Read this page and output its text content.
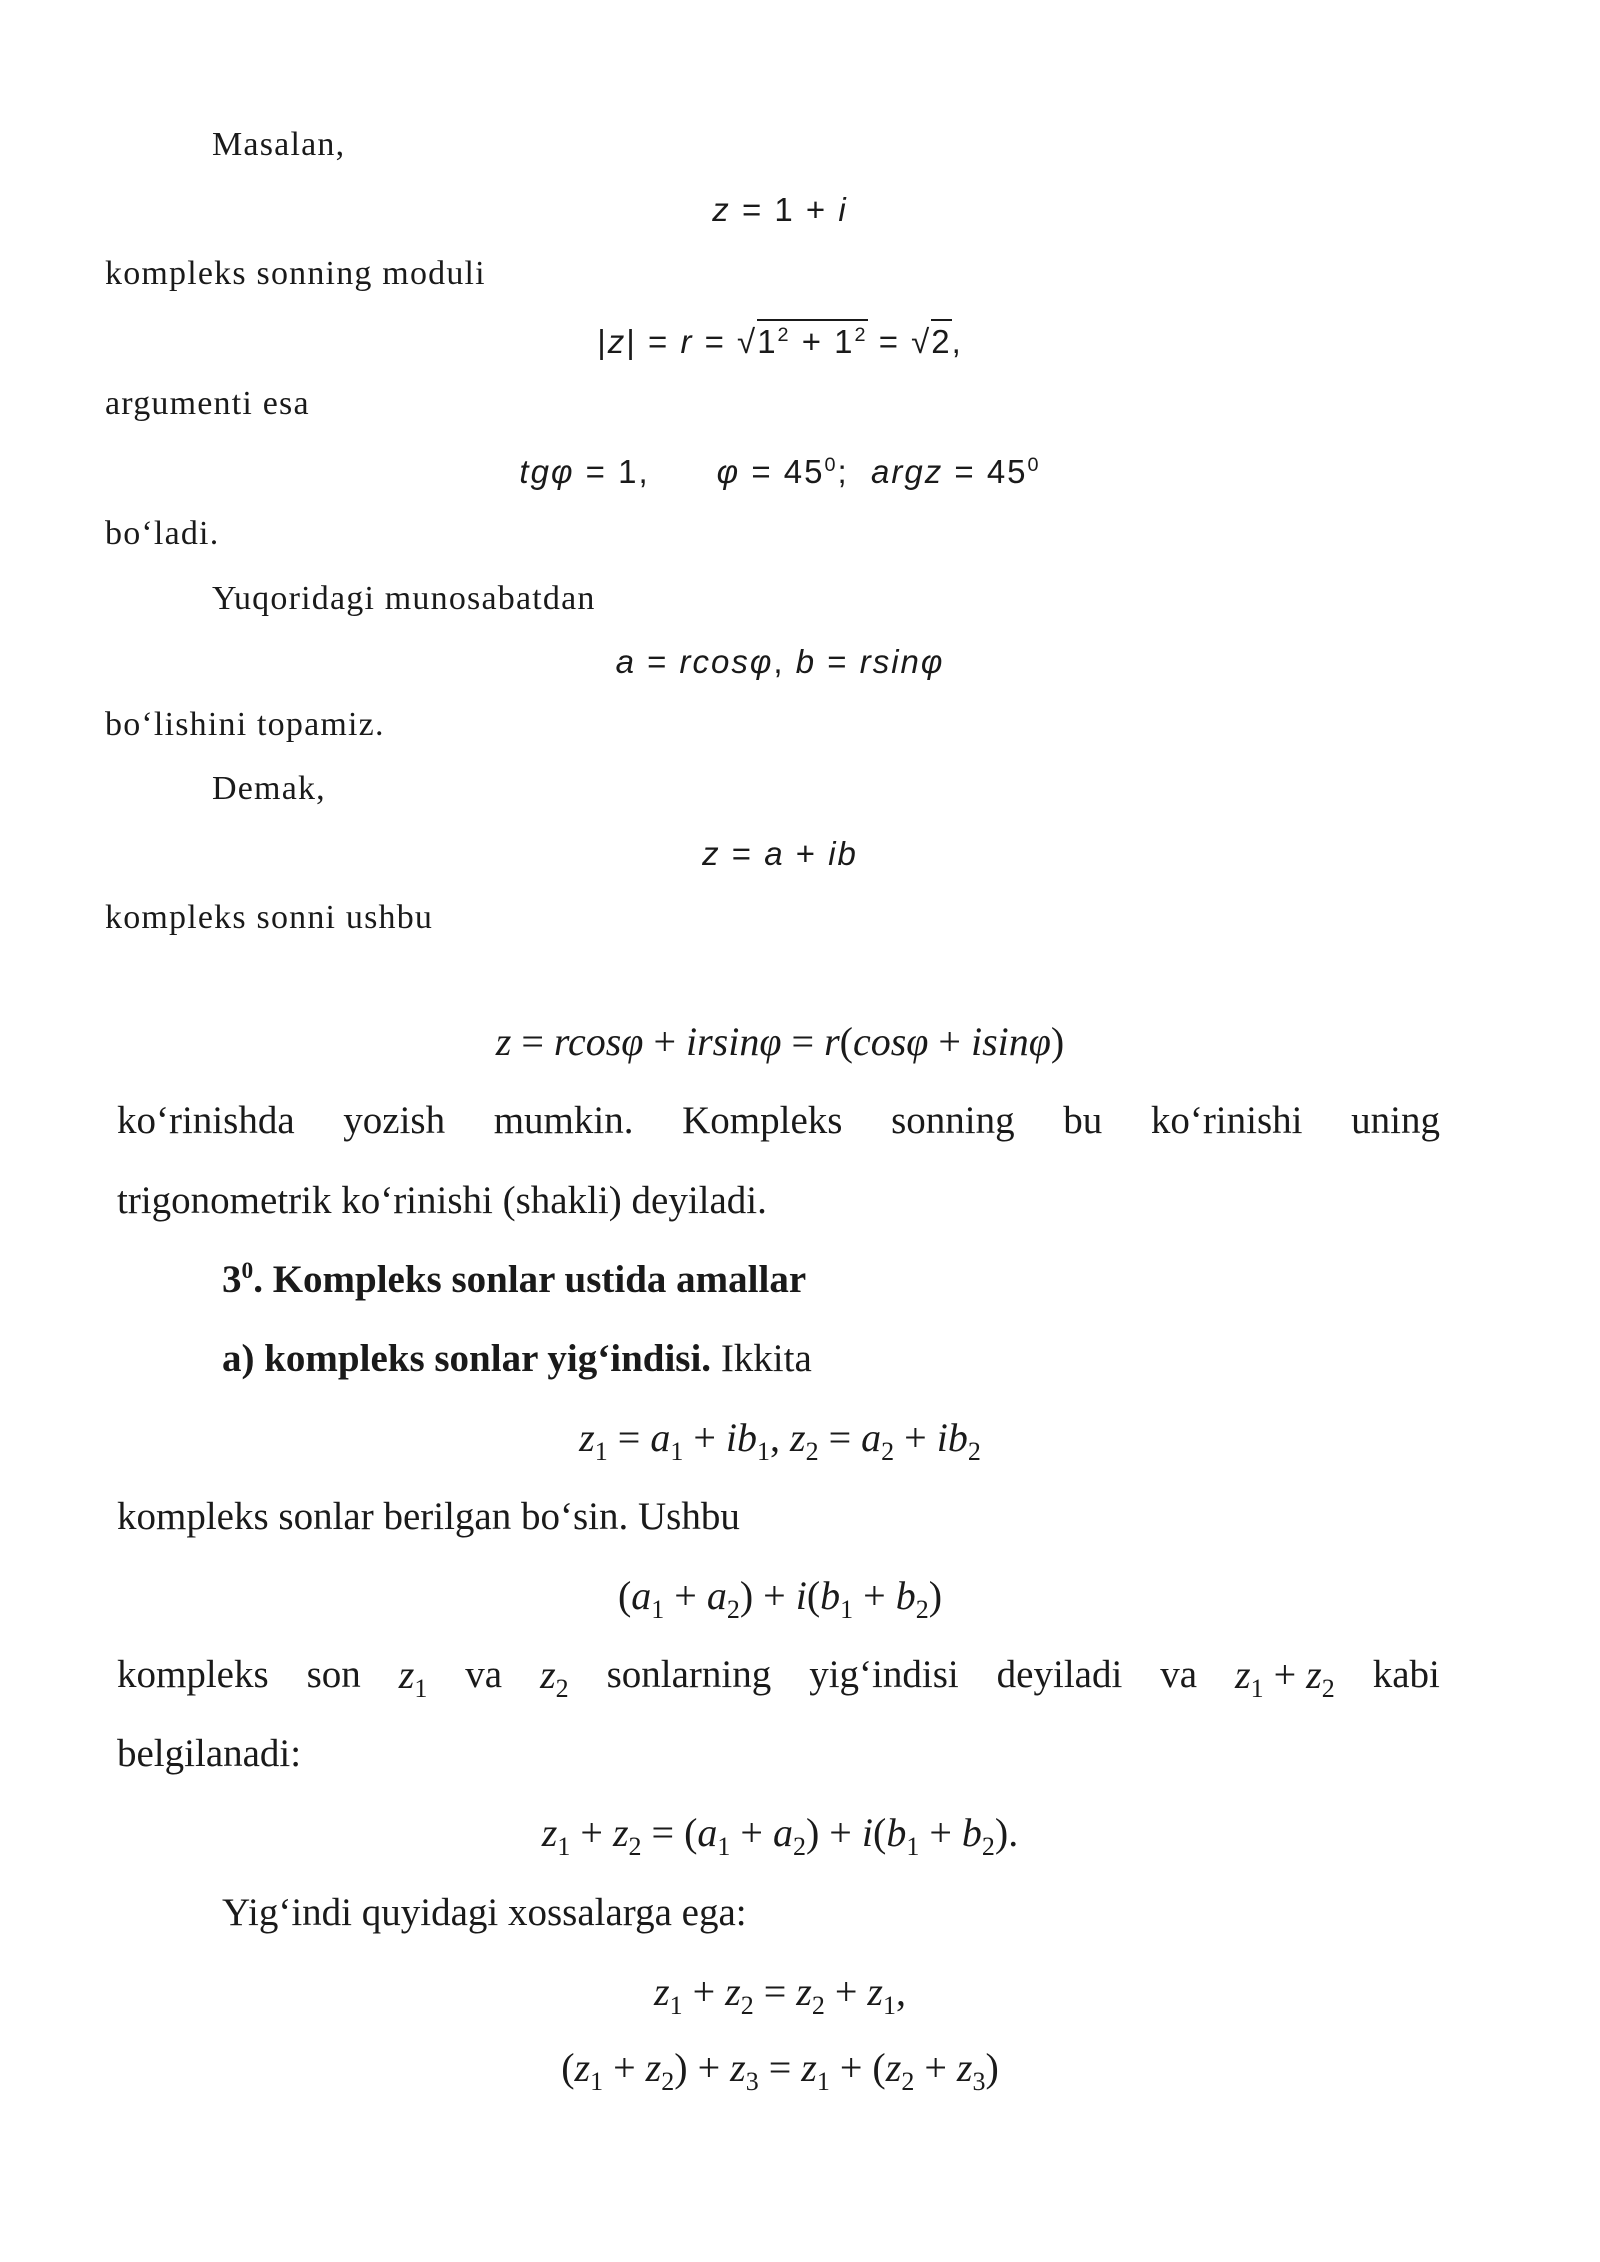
Masalan,
z = 1 + i
kompleks sonning moduli
$|z| = r = √1^2 + 1^2 = √2$,
argumenti esa
tgφ = 1,      $\varphi = 45^0$;  argz = $45^0$
bo‘ladi.
Yuqoridagi munosabatdan
a = rcosφ, b = rsinφ
bo‘lishini topamiz.
Demak,
z = a + ib
kompleks sonni ushbu
z = rcosφ + irsinφ = r(cosφ + isinφ)
ko‘rinishda yozish mumkin. Kompleks sonning bu ko‘rinishi uning
trigonometrik ko‘rinishi (shakli) deyiladi.
$3^0$. Kompleks sonlar ustida amallar
a) kompleks sonlar yig‘indisi. Ikkita
$z_1 = a_1 + ib_1$, $z_2 = a_2 + ib_2$
kompleks sonlar berilgan bo‘sin. Ushbu
$(a_1 + a_2) + i(b_1 + b_2)$
kompleks son $z_1$ va $z_2$ sonlarning yig‘indisi deyiladi va $z_1 + z_2$ kabi
belgilanadi:
$z_1 + z_2 = (a_1 + a_2) + i(b_1 + b_2)$.
Yig‘indi quyidagi xossalarga ega:
$z_1 + z_2 = z_2 + z_1$,
$(z_1 + z_2) + z_3 = z_1 + (z_2 + z_3)$
